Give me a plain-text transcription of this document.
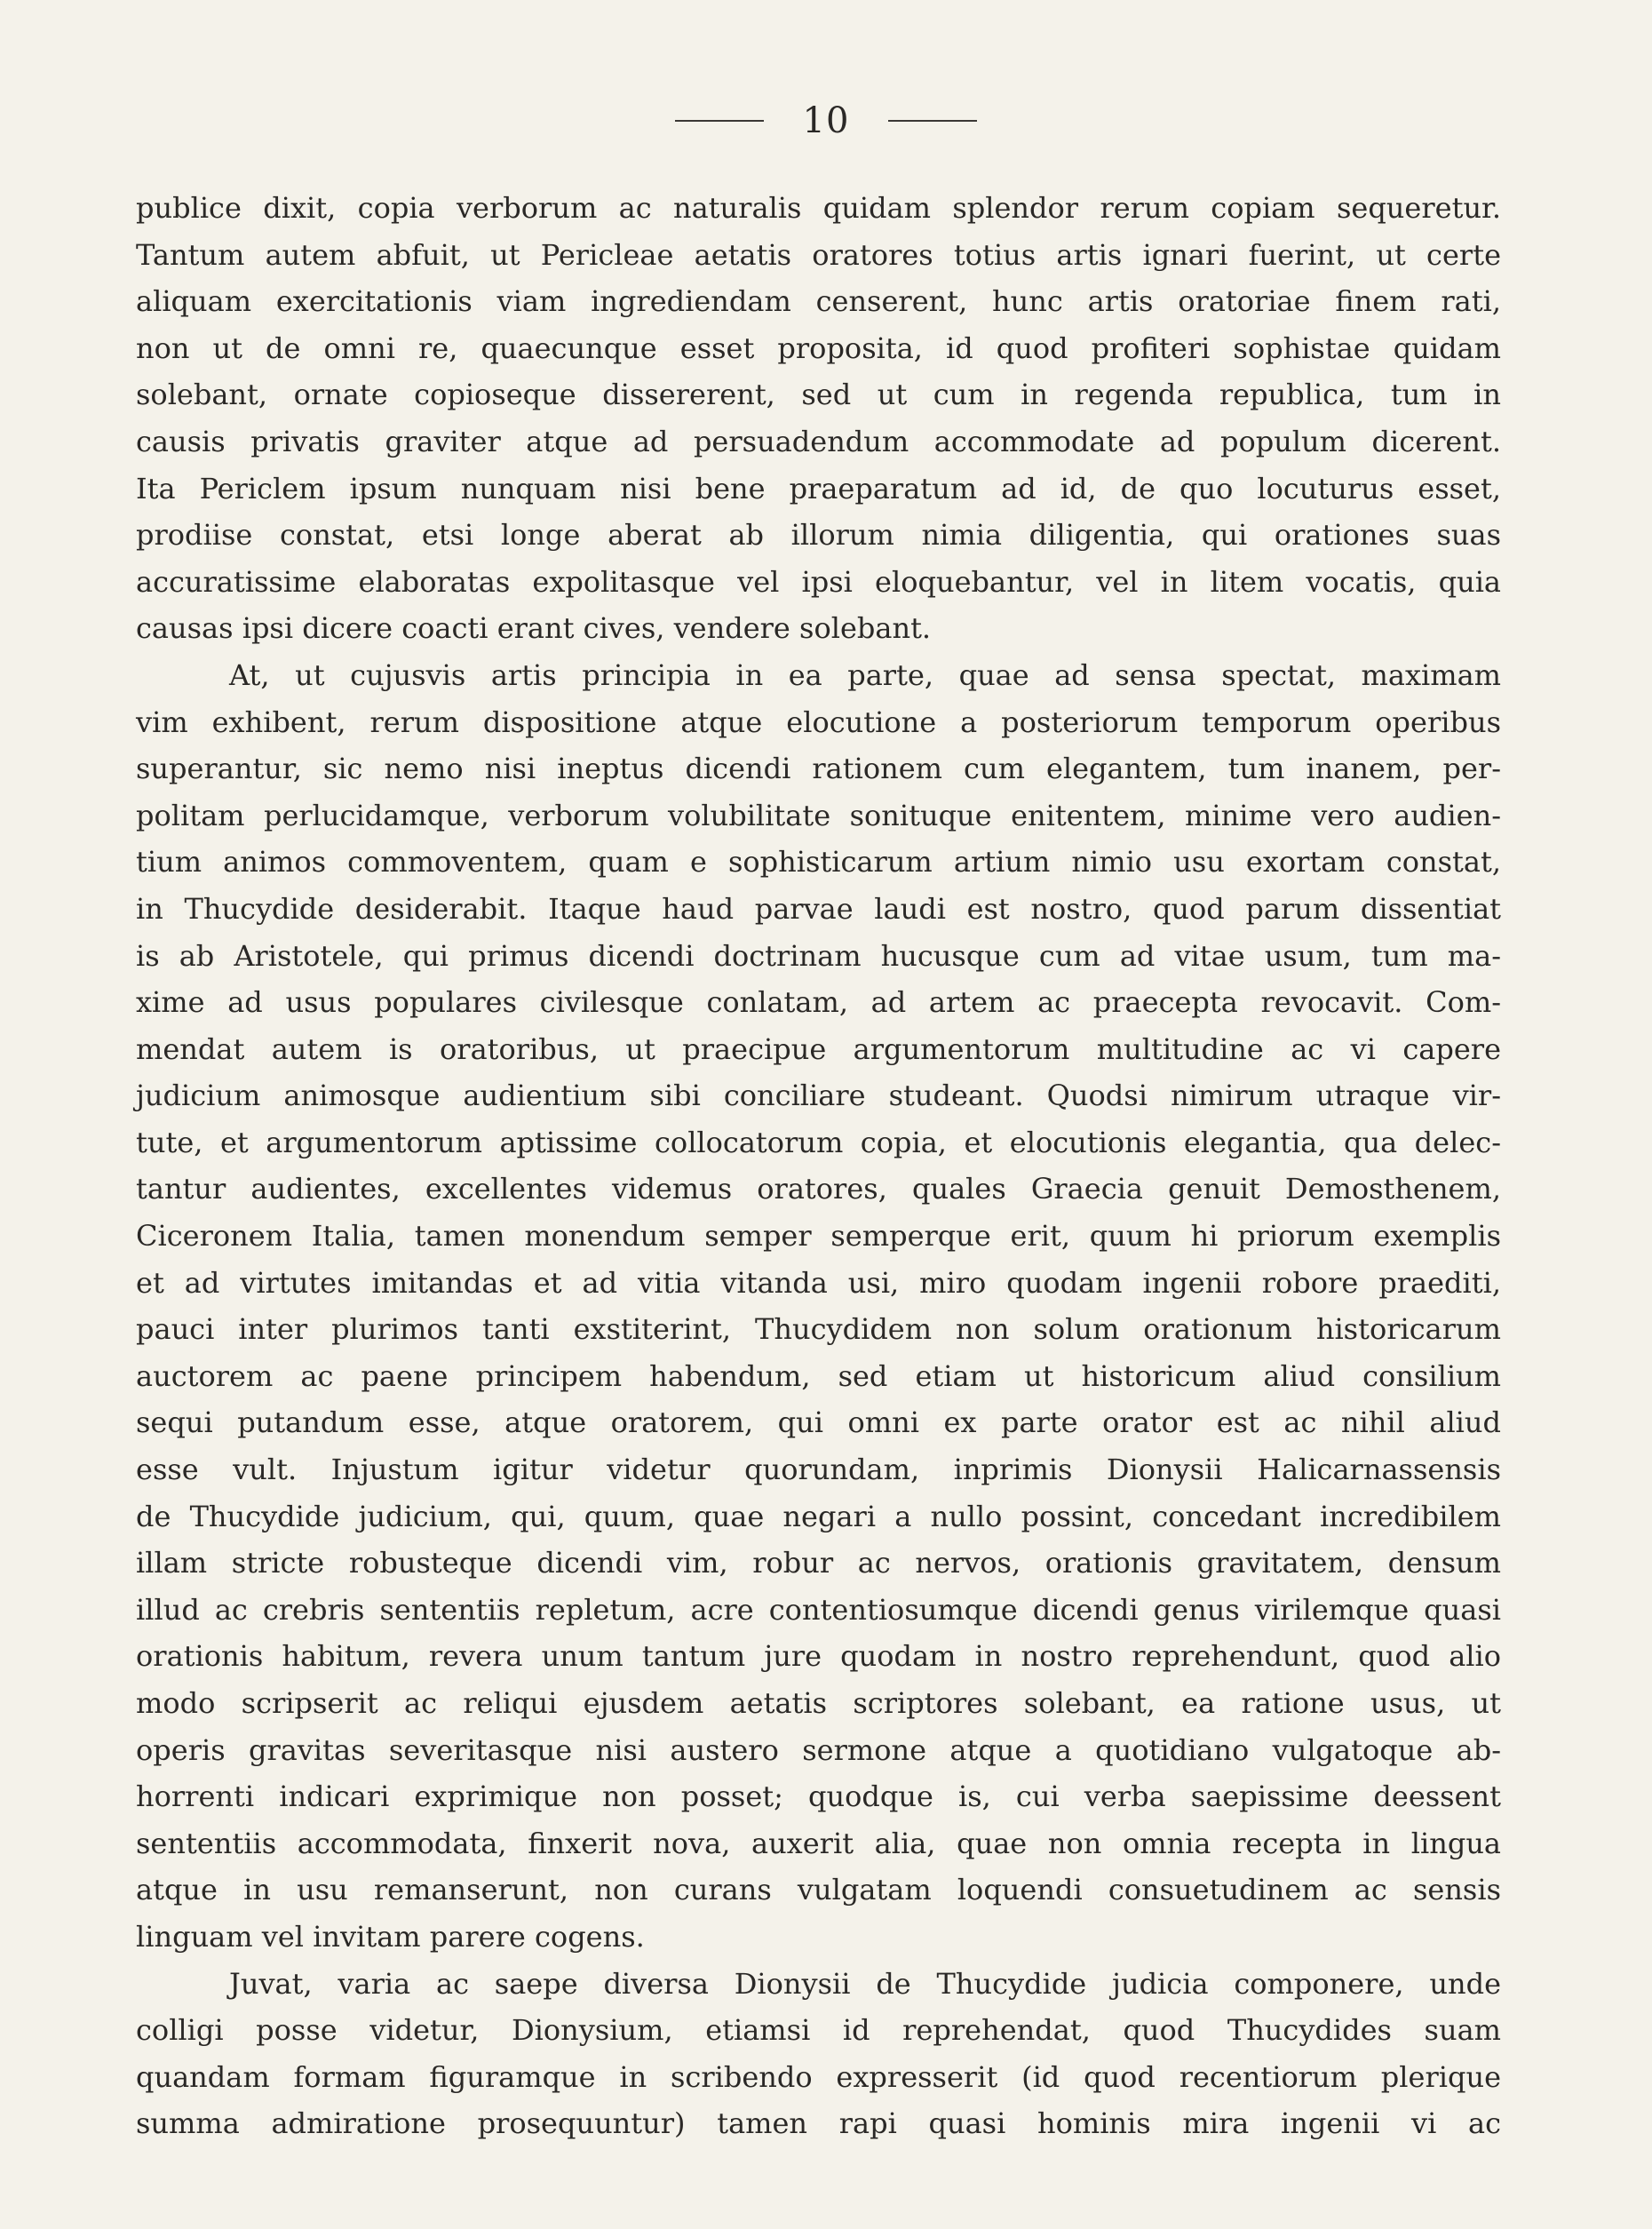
10
publice dixit, copia verborum ac naturalis quidam splendor rerum copiam sequeretur.
Tantum autem abfuit, ut Pericleae aetatis oratores totius artis ignari fuerint, ut certe
aliquam exercitationis viam ingrediendam censerent, hunc artis oratoriae finem rati,
non ut de omni re, quaecunque esset proposita, id quod profiteri sophistae quidam
solebant, ornate copioseque dissererent, sed ut cum in regenda republica, tum in
causis privatis graviter atque ad persuadendum accommodate ad populum dicerent.
Ita Periclem ipsum nunquam nisi bene praeparatum ad id, de quo locuturus esset,
prodiise constat, etsi longe aberat ab illorum nimia diligentia, qui orationes suas
accuratissime elaboratas expolitasque vel ipsi eloquebantur, vel in litem vocatis, quia
causas ipsi dicere coacti erant cives, vendere solebant.
At, ut cujusvis artis principia in ea parte, quae ad sensa spectat, maximam
vim exhibent, rerum dispositione atque elocutione a posteriorum temporum operibus
superantur, sic nemo nisi ineptus dicendi rationem cum elegantem, tum inanem, per-
politam perlucidamque, verborum volubilitate sonituque enitentem, minime vero audien-
tium animos commoventem, quam e sophisticarum artium nimio usu exortam constat,
in Thucydide desiderabit. Itaque haud parvae laudi est nostro, quod parum dissentiat
is ab Aristotele, qui primus dicendi doctrinam hucusque cum ad vitae usum, tum ma-
xime ad usus populares civilesque conlatam, ad artem ac praecepta revocavit. Com-
mendat autem is oratoribus, ut praecipue argumentorum multitudine ac vi capere
judicium animosque audientium sibi conciliare studeant. Quodsi nimirum utraque vir-
tute, et argumentorum aptissime collocatorum copia, et elocutionis elegantia, qua delec-
tantur audientes, excellentes videmus oratores, quales Graecia genuit Demosthenem,
Ciceronem Italia, tamen monendum semper semperque erit, quum hi priorum exemplis
et ad virtutes imitandas et ad vitia vitanda usi, miro quodam ingenii robore praediti,
pauci inter plurimos tanti exstiterint, Thucydidem non solum orationum historicarum
auctorem ac paene principem habendum, sed etiam ut historicum aliud consilium
sequi putandum esse, atque oratorem, qui omni ex parte orator est ac nihil aliud
esse vult. Injustum igitur videtur quorundam, inprimis Dionysii Halicarnassensis
de Thucydide judicium, qui, quum, quae negari a nullo possint, concedant incredibilem
illam stricte robusteque dicendi vim, robur ac nervos, orationis gravitatem, densum
illud ac crebris sententiis repletum, acre contentiosumque dicendi genus virilemque quasi
orationis habitum, revera unum tantum jure quodam in nostro reprehendunt, quod alio
modo scripserit ac reliqui ejusdem aetatis scriptores solebant, ea ratione usus, ut
operis gravitas severitasque nisi austero sermone atque a quotidiano vulgatoque ab-
horrenti indicari exprimique non posset; quodque is, cui verba saepissime deessent
sententiis accommodata, finxerit nova, auxerit alia, quae non omnia recepta in lingua
atque in usu remanserunt, non curans vulgatam loquendi consuetudinem ac sensis
linguam vel invitam parere cogens.
Juvat, varia ac saepe diversa Dionysii de Thucydide judicia componere, unde
colligi posse videtur, Dionysium, etiamsi id reprehendat, quod Thucydides suam
quandam formam figuramque in scribendo expresserit (id quod recentiorum plerique
summa admiratione prosequuntur) tamen rapi quasi hominis mira ingenii vi ac
